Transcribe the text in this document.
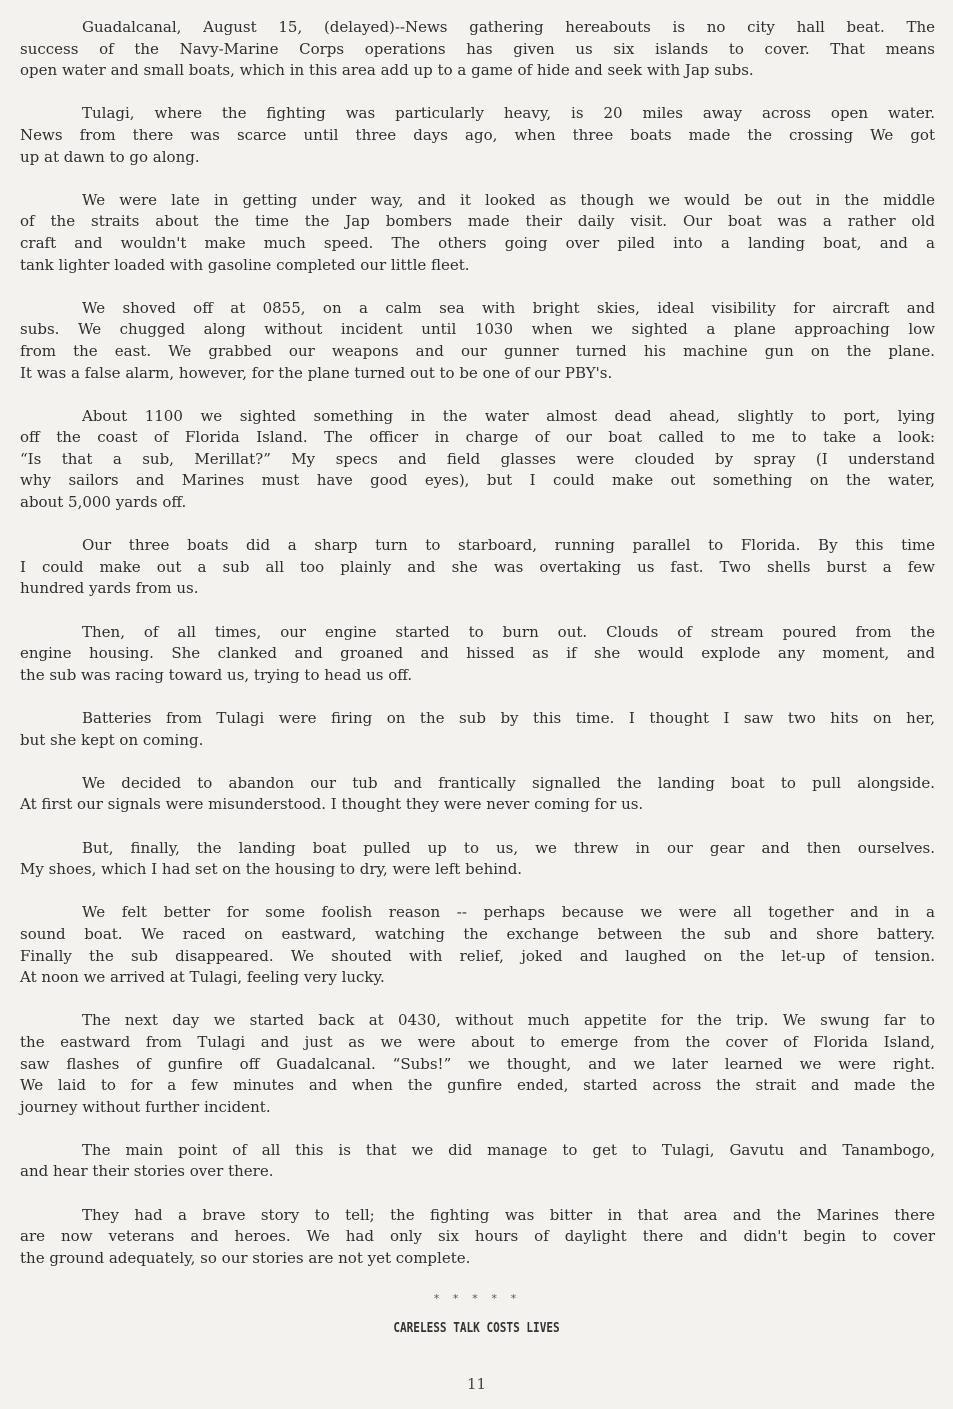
Guadalcanal, August 15, (delayed)--News gathering hereabouts is no city hall beat. The
success of the Navy-Marine Corps operations has given us six islands to cover. That means
open water and small boats, which in this area add up to a game of hide and seek with Jap subs.

Tulagi, where the fighting was particularly heavy, is 20 miles away across open water.
News from there was scarce until three days ago, when three boats made the crossing We got
up at dawn to go along.

We were late in getting under way, and it looked as though we would be out in the middle
of the straits about the time the Jap bombers made their daily visit. Our boat was a rather old
craft and wouldn't make much speed. The others going over piled into a landing boat, and a
tank lighter loaded with gasoline completed our little fleet.

We shoved off at 0855, on a calm sea with bright skies, ideal visibility for aircraft and
subs. We chugged along without incident until 1030 when we sighted a plane approaching low
from the east. We grabbed our weapons and our gunner turned his machine gun on the plane.
It was a false alarm, however, for the plane turned out to be one of our PBY's.

About 1100 we sighted something in the water almost dead ahead, slightly to port, lying
off the coast of Florida Island. The officer in charge of our boat called to me to take a look:
“Is that a sub, Merillat?” My specs and field glasses were clouded by spray (I understand
why sailors and Marines must have good eyes), but I could make out something on the water,
about 5,000 yards off.

Our three boats did a sharp turn to starboard, running parallel to Florida. By this time
I could make out a sub all too plainly and she was overtaking us fast. Two shells burst a few
hundred yards from us.

Then, of all times, our engine started to burn out. Clouds of stream poured from the
engine housing. She clanked and groaned and hissed as if she would explode any moment, and
the sub was racing toward us, trying to head us off.

Batteries from Tulagi were firing on the sub by this time. I thought I saw two hits on her,
but she kept on coming.

We decided to abandon our tub and frantically signalled the landing boat to pull alongside.
At first our signals were misunderstood. I thought they were never coming for us.

But, finally, the landing boat pulled up to us, we threw in our gear and then ourselves.
My shoes, which I had set on the housing to dry, were left behind.

We felt better for some foolish reason -- perhaps because we were all together and in a
sound boat. We raced on eastward, watching the exchange between the sub and shore battery.
Finally the sub disappeared. We shouted with relief, joked and laughed on the let-up of tension.
At noon we arrived at Tulagi, feeling very lucky.

The next day we started back at 0430, without much appetite for the trip. We swung far to
the eastward from Tulagi and just as we were about to emerge from the cover of Florida Island,
saw flashes of gunfire off Guadalcanal. “Subs!” we thought, and we later learned we were right.
We laid to for a few minutes and when the gunfire ended, started across the strait and made the
journey without further incident.

The main point of all this is that we did manage to get to Tulagi, Gavutu and Tanambogo,
and hear their stories over there.

They had a brave story to tell; the fighting was bitter in that area and the Marines there
are now veterans and heroes. We had only six hours of daylight there and didn't begin to cover
the ground adequately, so our stories are not yet complete.

* * * * *
CARELESS TALK COSTS LIVES
11
